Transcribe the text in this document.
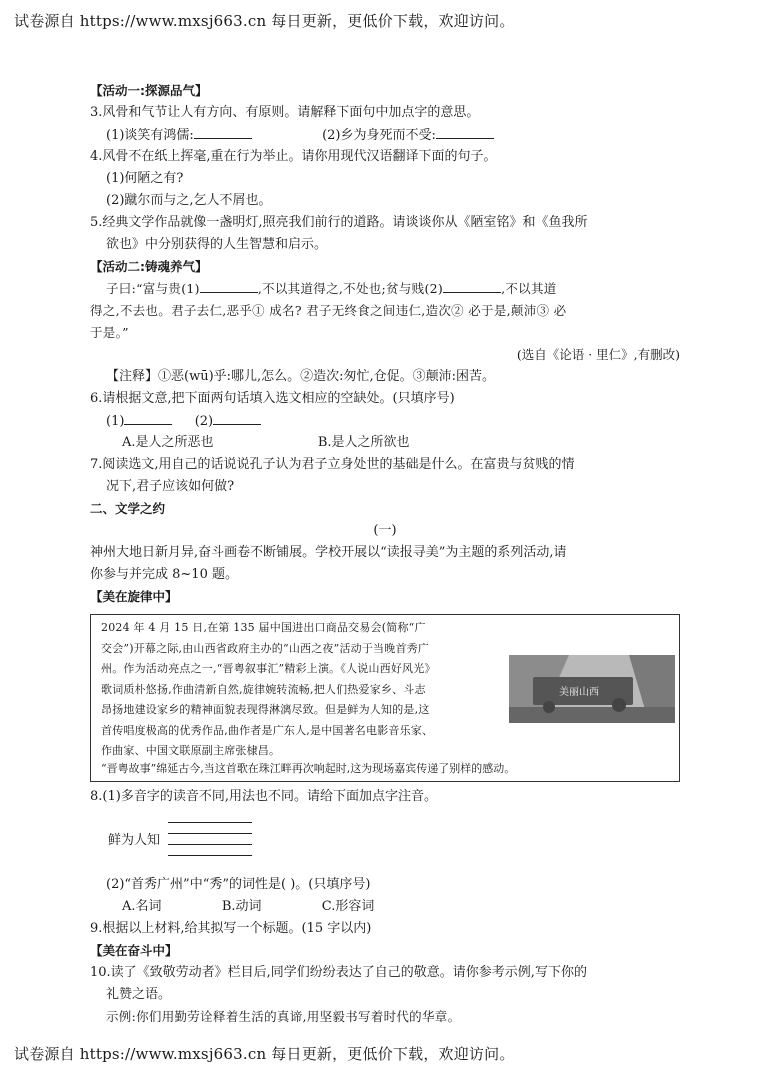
试卷源自 https://www.mxsj663.cn 每日更新，更低价下载，欢迎访问。
【活动一:探源品气】
3.风骨和气节让人有方向、有原则。请解释下面句中加点字的意思。
(1)谈笑有鸿儒:	(2)乡为身死而不受:
4.风骨不在纸上挥毫,重在行为举止。请你用现代汉语翻译下面的句子。
(1)何陋之有?
(2)蹴尔而与之,乞人不屑也。
5.经典文学作品就像一盏明灯,照亮我们前行的道路。请谈谈你从《陋室铭》和《鱼我所
欲也》中分别获得的人生智慧和启示。
【活动二:铸魂养气】
子曰:“富与贵(1)	,不以其道得之,不处也;贫与贱(2)	,不以其道
得之,不去也。君子去仁,恶乎① 成名? 君子无终食之间违仁,造次② 必于是,颠沛③ 必
于是。”
(选自《论语 · 里仁》,有删改)
【注释】①恶(wū)乎:哪儿,怎么。②造次:匆忙,仓促。③颠沛:困苦。
6.请根据文意,把下面两句话填入选文相应的空缺处。(只填序号)
(1)	(2)
A.是人之所恶也	B.是人之所欲也
7.阅读选文,用自己的话说说孔子认为君子立身处世的基础是什么。在富贵与贫贱的情
况下,君子应该如何做?
二、文学之约
(一)
神州大地日新月异,奋斗画卷不断铺展。学校开展以“读报寻美”为主题的系列活动,请
你参与并完成 8~10 题。
【美在旋律中】
2024 年 4 月 15 日,在第 135 届中国进出口商品交易会(简称“广
交会”)开幕之际,由山西省政府主办的“山西之夜”活动于当晚首秀广
州。作为活动亮点之一,“晋粤叙事汇”精彩上演。《人说山西好风光》
歌词质朴悠扬,作曲清新自然,旋律婉转流畅,把人们热爱家乡、斗志
昂扬地建设家乡的精神面貌表现得淋漓尽致。但是鲜为人知的是,这
首传唱度极高的优秀作品,曲作者是广东人,是中国著名电影音乐家、
作曲家、中国文联原副主席张棣昌。
“晋粤故事”绵延古今,当这首歌在珠江畔再次响起时,这为现场嘉宾传递了别样的感动。
美丽山西
8.(1)多音字的读音不同,用法也不同。请给下面加点字注音。
鲜为人知
(2)“首秀广州”中“秀”的词性是( )。(只填序号)
A.名词	B.动词	C.形容词
9.根据以上材料,给其拟写一个标题。(15 字以内)
【美在奋斗中】
10.读了《致敬劳动者》栏目后,同学们纷纷表达了自己的敬意。请你参考示例,写下你的
礼赞之语。
示例:你们用勤劳诠释着生活的真谛,用坚毅书写着时代的华章。
试卷源自 https://www.mxsj663.cn 每日更新，更低价下载，欢迎访问。
